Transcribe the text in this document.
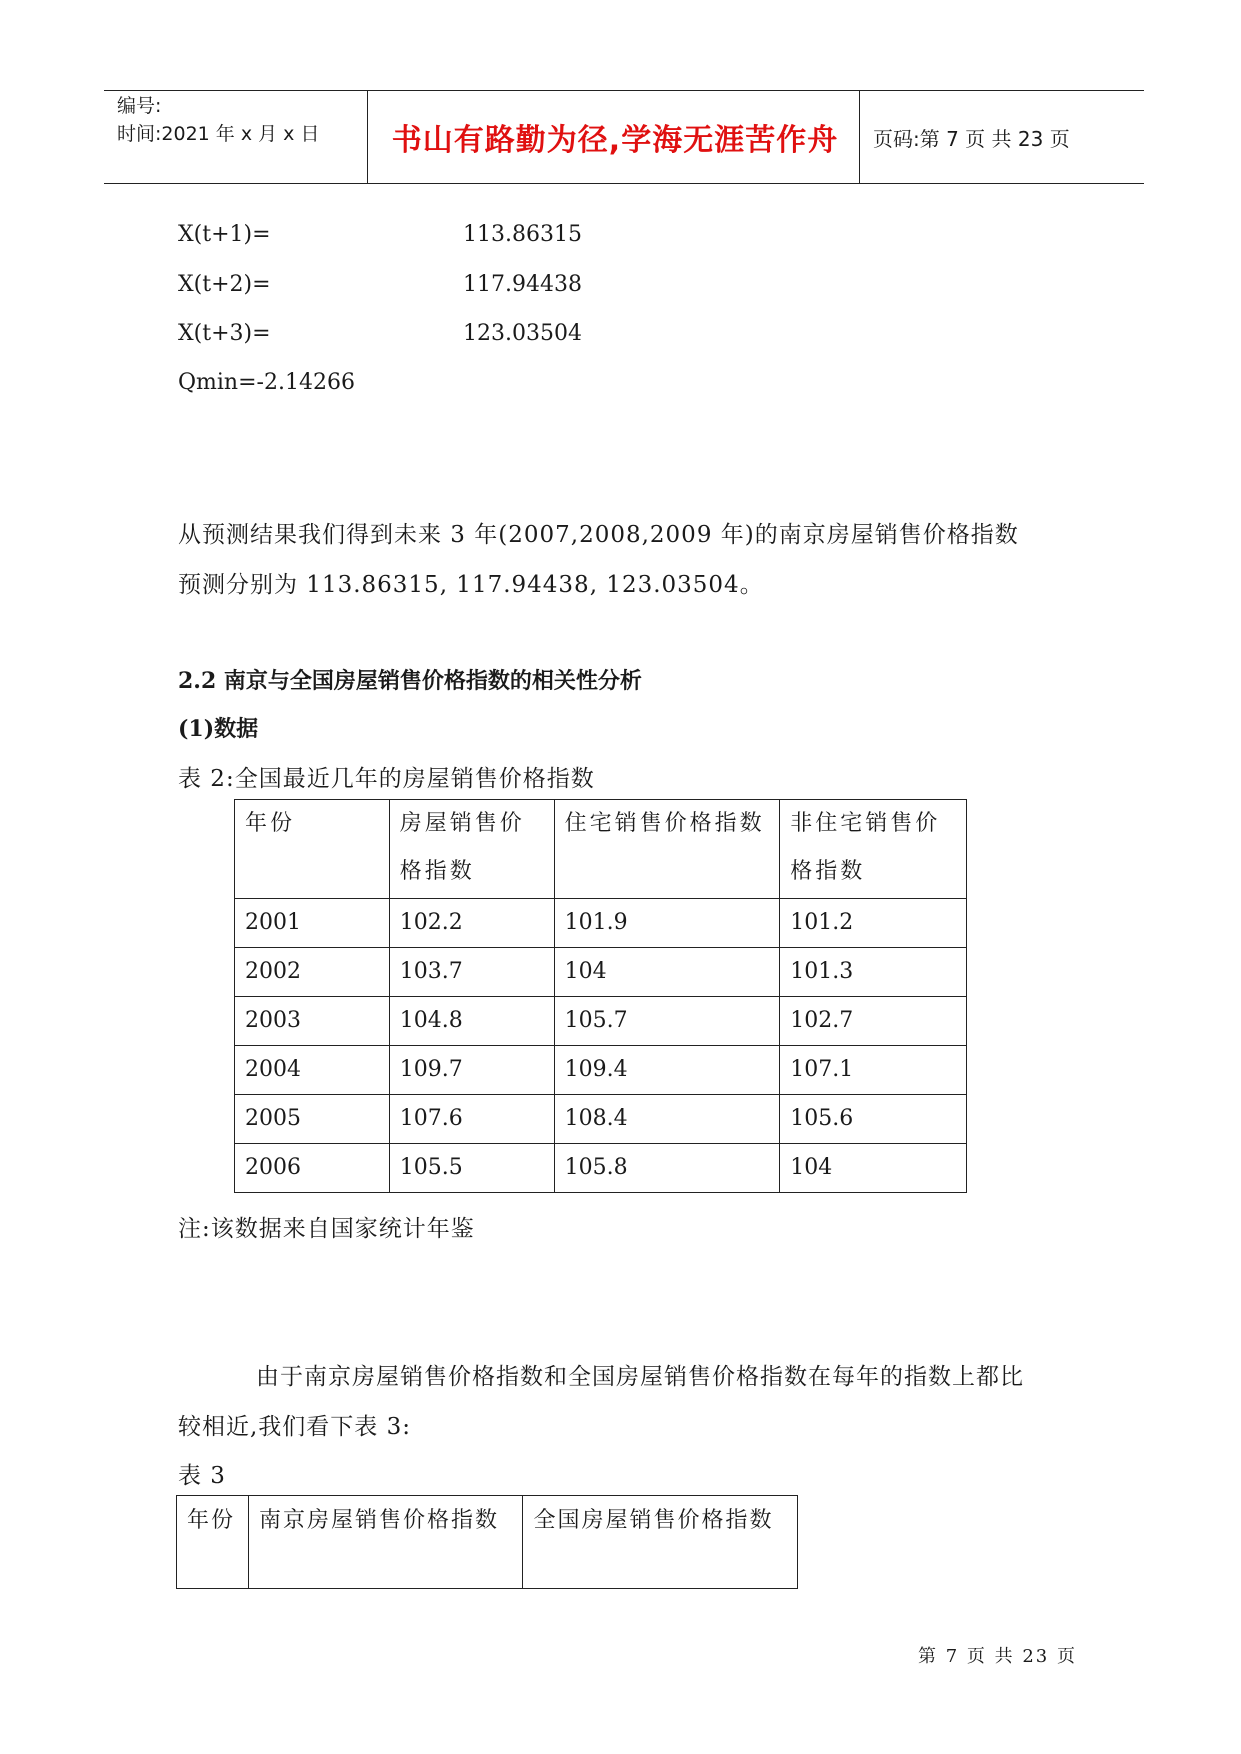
编号:
时间:2021 年 x 月 x 日	书山有路勤为径,学海无涯苦作舟	页码:第 7 页 共 23 页
X(t+1)=	113.86315
X(t+2)=	117.94438
X(t+3)=	123.03504
Qmin=-2.14266
从预测结果我们得到未来 3 年(2007,2008,2009 年)的南京房屋销售价格指数
预测分别为 113.86315, 117.94438, 123.03504。
2.2 南京与全国房屋销售价格指数的相关性分析
(1)数据
表 2:全国最近几年的房屋销售价格指数
年份	房屋销售价格指数	住宅销售价格指数	非住宅销售价格指数
2001	102.2	101.9	101.2
2002	103.7	104	101.3
2003	104.8	105.7	102.7
2004	109.7	109.4	107.1
2005	107.6	108.4	105.6
2006	105.5	105.8	104
注:该数据来自国家统计年鉴
由于南京房屋销售价格指数和全国房屋销售价格指数在每年的指数上都比
较相近,我们看下表 3:
表 3
年份	南京房屋销售价格指数	全国房屋销售价格指数
第 7 页 共 23 页
